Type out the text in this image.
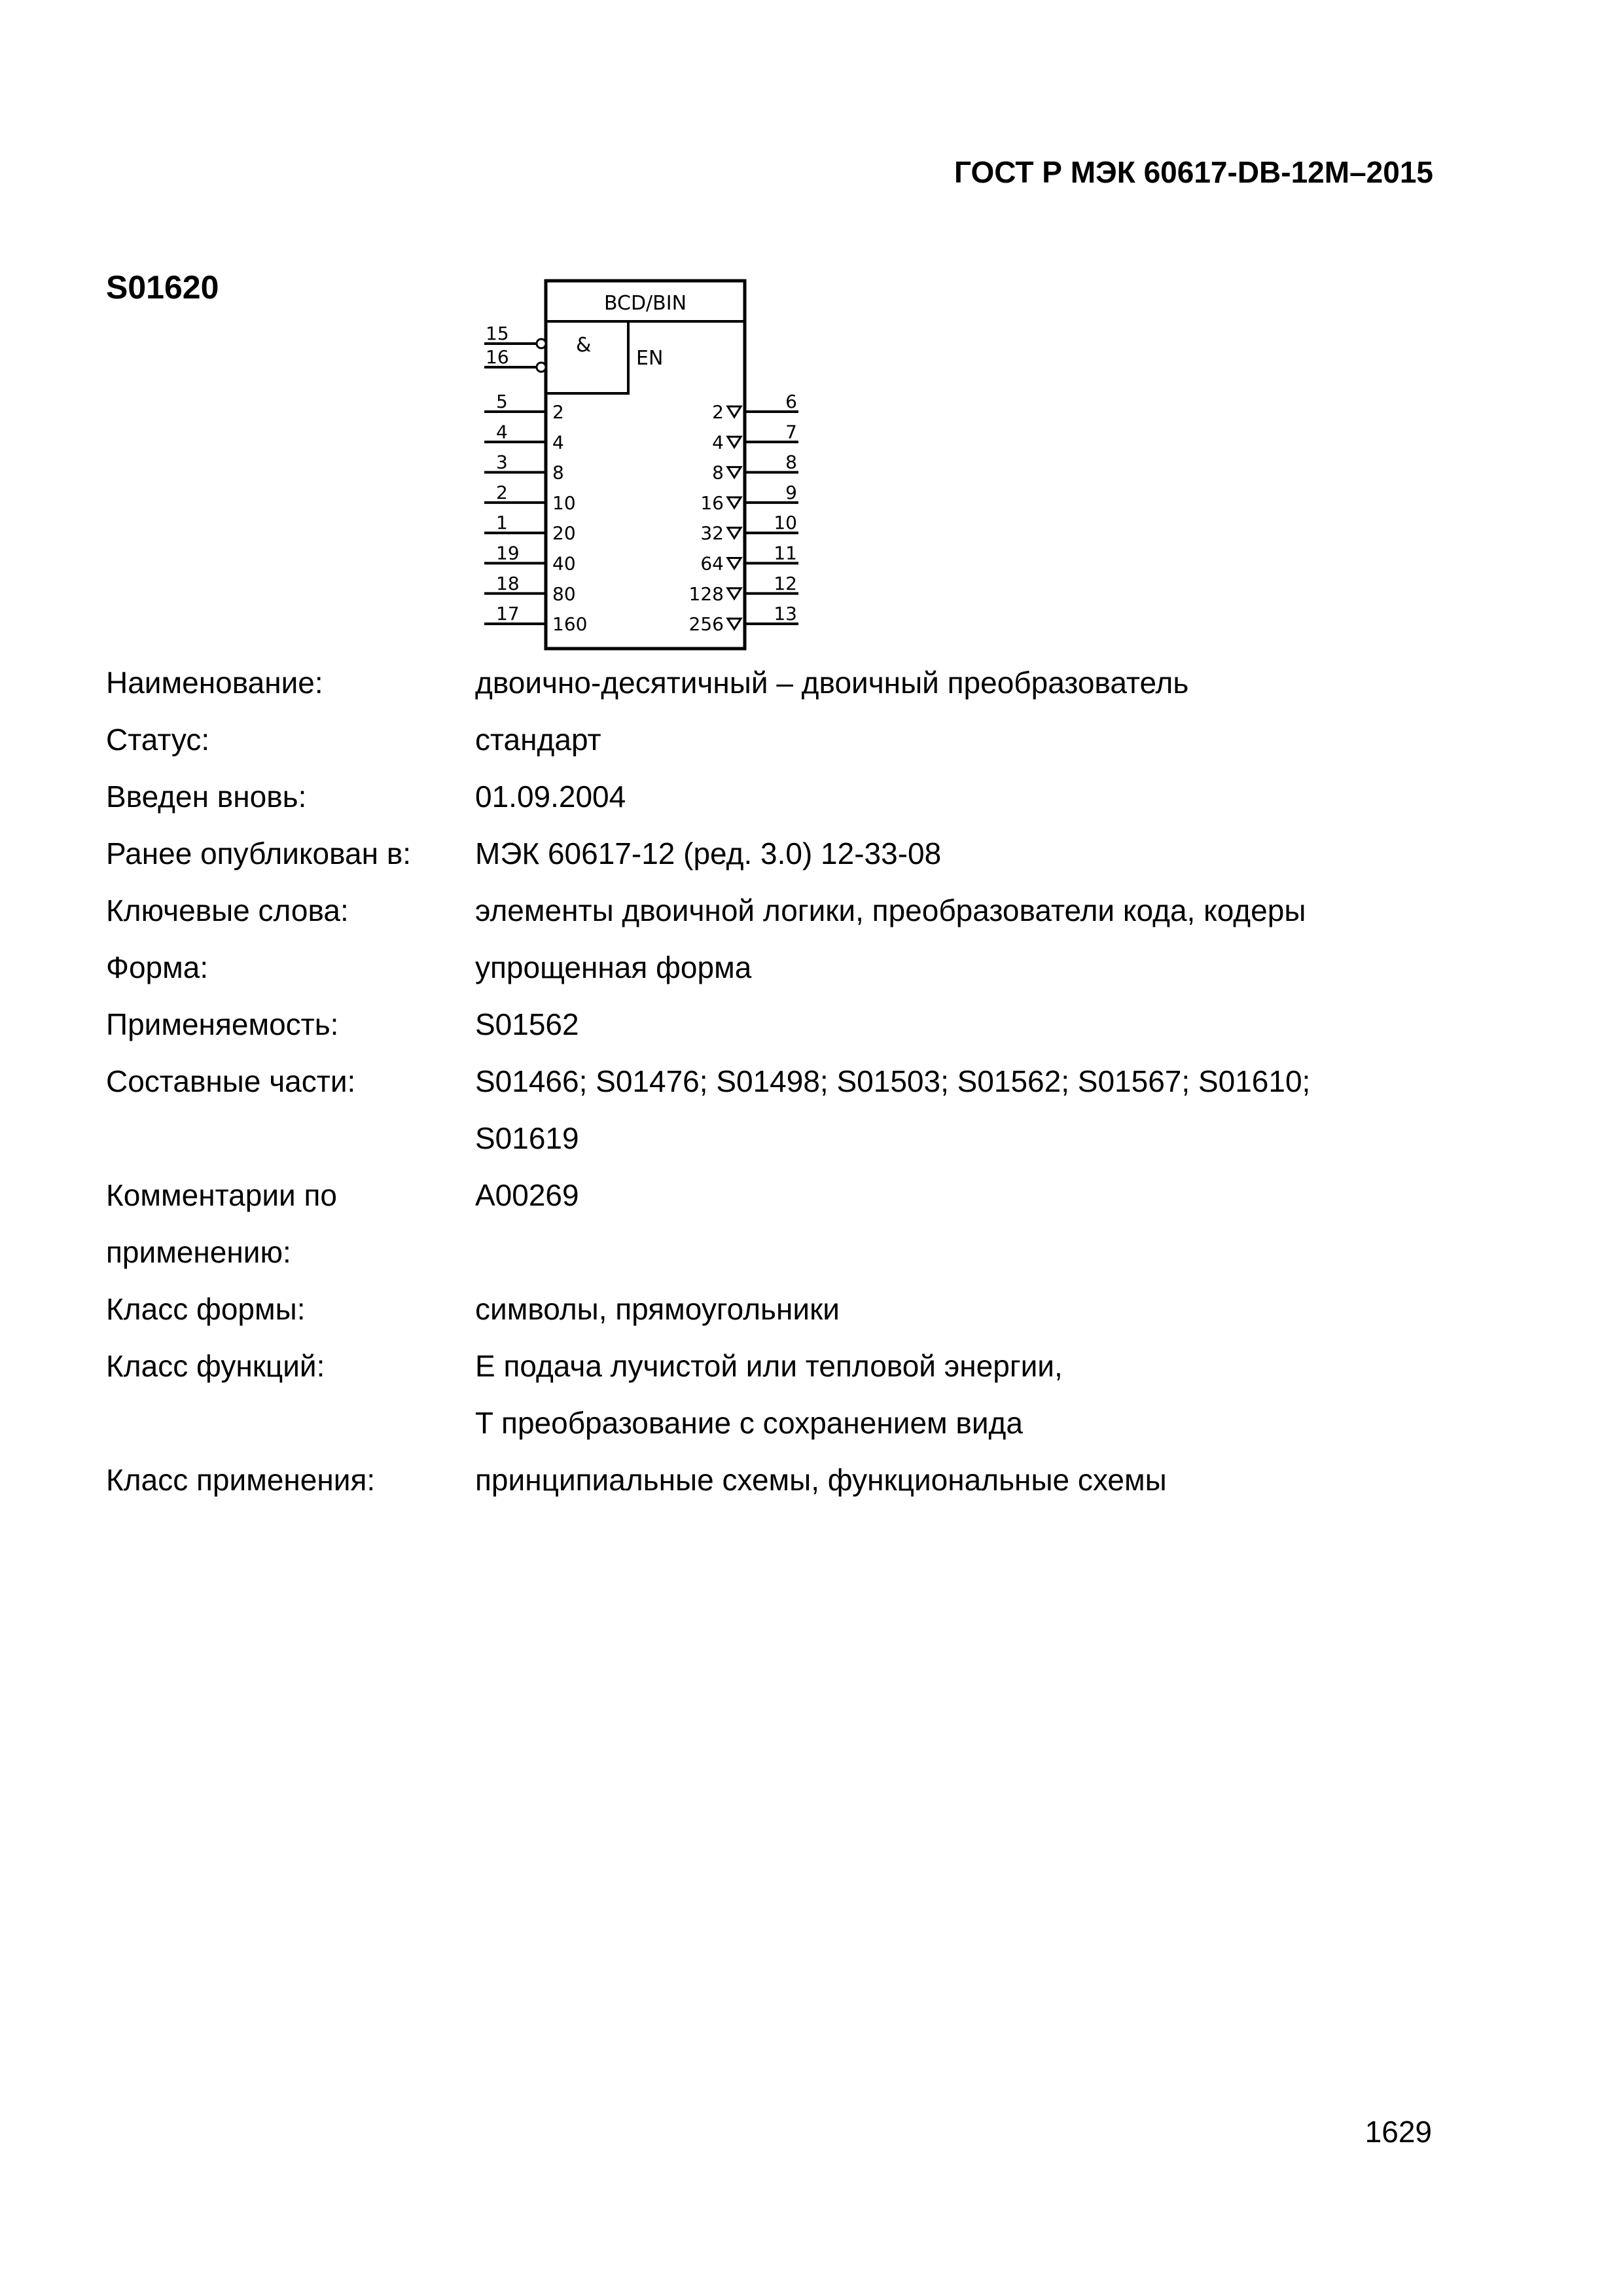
ГОСТ Р МЭК 60617-DB-12M–2015
S01620	BCD/BIN
&
EN
15
16
5 2
4 4
3 8
2 10
1 20
19 40
18 80
17 160
2	6
4	7
8	8
16	9
32	10
64	11
128	12
256	13
Наименование:	двоично-десятичный – двоичный преобразователь

Статус:	стандарт

Введен вновь:	01.09.2004

Ранее опубликован в:	МЭК 60617-12 (ред. 3.0) 12-33-08

Ключевые слова:	элементы двоичной логики, преобразователи кода, кодеры

Форма:	упрощенная форма

Применяемость:	S01562

Составные части:	S01466; S01476; S01498; S01503; S01562; S01567; S01610;
S01619

Комментарии по применению:	A00269

Класс формы:	символы, прямоугольники

Класс функций:	E подача лучистой или тепловой энергии,
T преобразование с сохранением вида

Класс применения:	принципиальные схемы, функциональные схемы
1629
